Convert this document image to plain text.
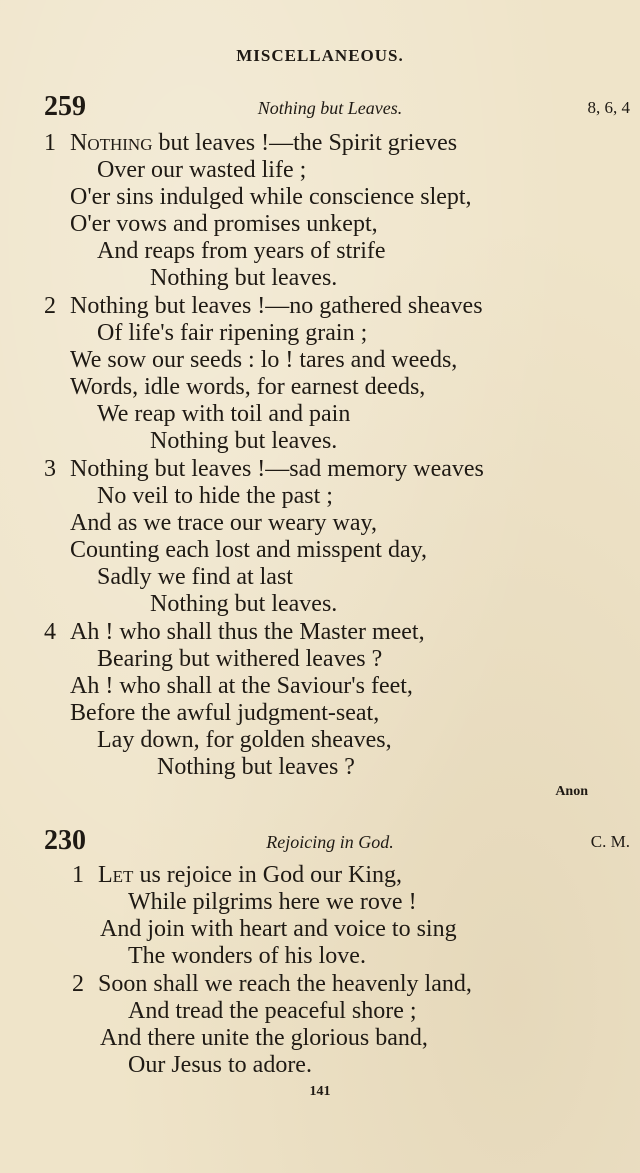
MISCELLANEOUS.
259	Nothing but Leaves.	8, 6, 4
1 Nothing but leaves !—the Spirit grieves
Over our wasted life ;
O'er sins indulged while conscience slept,
O'er vows and promises unkept,
And reaps from years of strife
Nothing but leaves.
2 Nothing but leaves !—no gathered sheaves
Of life's fair ripening grain ;
We sow our seeds : lo ! tares and weeds,
Words, idle words, for earnest deeds,
We reap with toil and pain
Nothing but leaves.
3 Nothing but leaves !—sad memory weaves
No veil to hide the past ;
And as we trace our weary way,
Counting each lost and misspent day,
Sadly we find at last
Nothing but leaves.
4 Ah ! who shall thus the Master meet,
Bearing but withered leaves ?
Ah ! who shall at the Saviour's feet,
Before the awful judgment-seat,
Lay down, for golden sheaves,
Nothing but leaves ?
Anon
230	Rejoicing in God.	C. M.
1 Let us rejoice in God our King,
While pilgrims here we rove !
And join with heart and voice to sing
The wonders of his love.
2 Soon shall we reach the heavenly land,
And tread the peaceful shore ;
And there unite the glorious band,
Our Jesus to adore.
141
